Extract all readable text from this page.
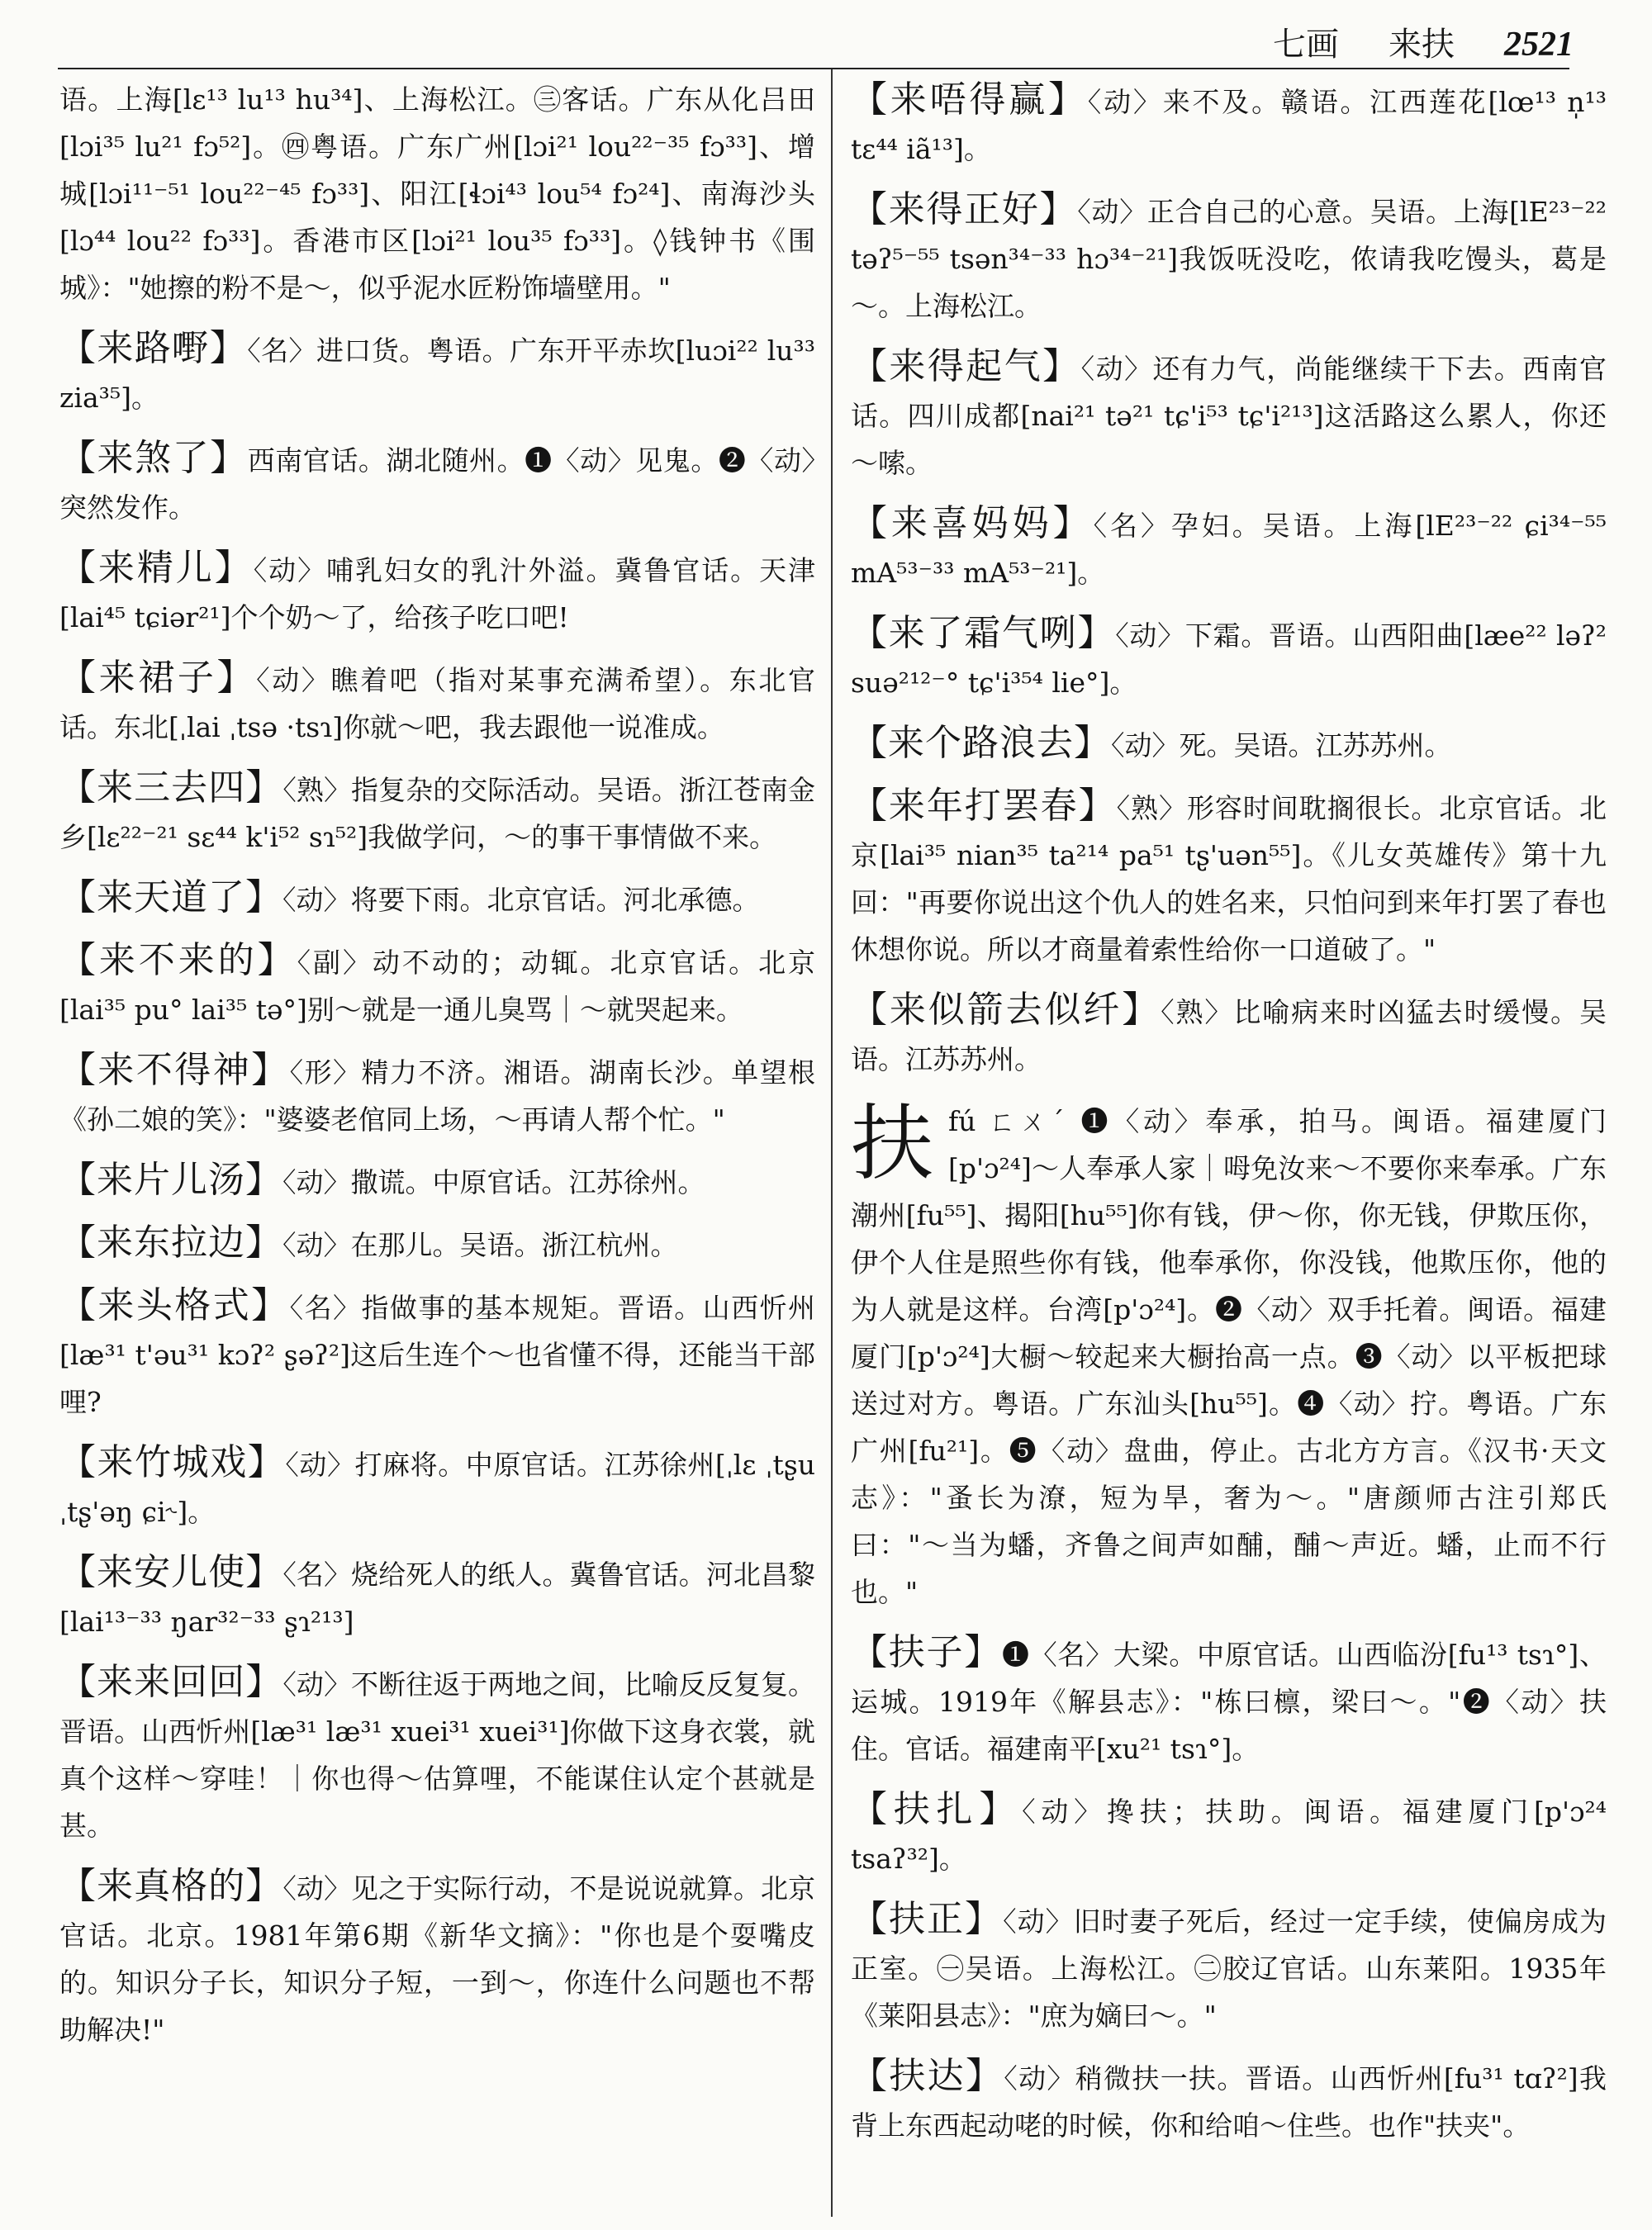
七画 来扶 2521

语。上海[lɛ¹³ lu¹³ hu³⁴]、上海松江。㊂客话。广东从化吕田[lɔi³⁵ lu²¹ fɔ⁵²]。㊃粤语。广东广州[lɔi²¹ lou²²⁻³⁵ fɔ³³]、增城[lɔi¹¹⁻⁵¹ lou²²⁻⁴⁵ fɔ³³]、阳江[ɬɔi⁴³ lou⁵⁴ fɔ²⁴]、南海沙头[lɔ⁴⁴ lou²² fɔ³³]。香港市区[lɔi²¹ lou³⁵ fɔ³³]。◊钱钟书《围城》："她擦的粉不是～，似乎泥水匠粉饰墙壁用。"

【来路嘢】〈名〉进口货。粤语。广东开平赤坎[luɔi²² lu³³ zia³⁵]。

【来煞了】西南官话。湖北随州。❶〈动〉见鬼。❷〈动〉突然发作。

【来精儿】〈动〉哺乳妇女的乳汁外溢。冀鲁官话。天津[lai⁴⁵ tɕiər²¹]个个奶～了，给孩子吃口吧!

【来裙子】〈动〉瞧着吧（指对某事充满希望）。东北官话。东北[ˌlai ˌtsə ·tsɿ]你就～吧，我去跟他一说准成。

【来三去四】〈熟〉指复杂的交际活动。吴语。浙江苍南金乡[lɛ²²⁻²¹ sɛ⁴⁴ k'i⁵² sɿ⁵²]我做学问，～的事干事情做不来。

【来天道了】〈动〉将要下雨。北京官话。河北承德。

【来不来的】〈副〉动不动的；动辄。北京官话。北京[lai³⁵ pu° lai³⁵ tə°]别～就是一通儿臭骂｜～就哭起来。

【来不得神】〈形〉精力不济。湘语。湖南长沙。单望根《孙二娘的笑》："婆婆老倌同上场，～再请人帮个忙。"

【来片儿汤】〈动〉撒谎。中原官话。江苏徐州。

【来东拉边】〈动〉在那儿。吴语。浙江杭州。

【来头格式】〈名〉指做事的基本规矩。晋语。山西忻州[læ³¹ t'əu³¹ kɔʔ² ʂəʔ²]这后生连个～也省懂不得，还能当干部哩?

【来竹城戏】〈动〉打麻将。中原官话。江苏徐州[ˌlɛ ˌtʂu ˌtʂ'əŋ ɕi˞]。

【来安儿使】〈名〉烧给死人的纸人。冀鲁官话。河北昌黎[lai¹³⁻³³ ŋar³²⁻³³ ʂɿ²¹³]

【来来回回】〈动〉不断往返于两地之间，比喻反反复复。晋语。山西忻州[læ³¹ læ³¹ xuei³¹ xuei³¹]你做下这身衣裳，就真个这样～穿哇！｜你也得～估算哩，不能谋住认定个甚就是甚。

【来真格的】〈动〉见之于实际行动，不是说说就算。北京官话。北京。1981年第6期《新华文摘》："你也是个耍嘴皮的。知识分子长，知识分子短，一到～，你连什么问题也不帮助解决!"

【来唔得赢】〈动〉来不及。赣语。江西莲花[lœ¹³ n̩¹³ tɛ⁴⁴ iã¹³]。

【来得正好】〈动〉正合自己的心意。吴语。上海[lE²³⁻²² təʔ⁵⁻⁵⁵ tsən³⁴⁻³³ hɔ³⁴⁻²¹]我饭呒没吃，侬请我吃馒头，葛是～。上海松江。

【来得起气】〈动〉还有力气，尚能继续干下去。西南官话。四川成都[nai²¹ tə²¹ tɕ'i⁵³ tɕ'i²¹³]这活路这么累人，你还～嗦。

【来喜妈妈】〈名〉孕妇。吴语。上海[lE²³⁻²² ɕi³⁴⁻⁵⁵ mA⁵³⁻³³ mA⁵³⁻²¹]。

【来了霜气咧】〈动〉下霜。晋语。山西阳曲[læe²² ləʔ² suə²¹²⁻° tɕ'i³⁵⁴ lie°]。

【来个路浪去】〈动〉死。吴语。江苏苏州。

【来年打罢春】〈熟〉形容时间耽搁很长。北京官话。北京[lai³⁵ nian³⁵ ta²¹⁴ pa⁵¹ tʂ'uən⁵⁵]。《儿女英雄传》第十九回："再要你说出这个仇人的姓名来，只怕问到来年打罢了春也休想你说。所以才商量着索性给你一口道破了。"

【来似箭去似纤】〈熟〉比喻病来时凶猛去时缓慢。吴语。江苏苏州。

扶 fú ㄈㄨˊ ❶〈动〉奉承，拍马。闽语。福建厦门[p'ɔ²⁴]～人奉承人家｜呣免汝来～不要你来奉承。广东潮州[fu⁵⁵]、揭阳[hu⁵⁵]你有钱，伊～你，你无钱，伊欺压你，伊个人住是照些你有钱，他奉承你，你没钱，他欺压你，他的为人就是这样。台湾[p'ɔ²⁴]。❷〈动〉双手托着。闽语。福建厦门[p'ɔ²⁴]大橱～较起来大橱抬高一点。❸〈动〉以平板把球送过对方。粤语。广东汕头[hu⁵⁵]。❹〈动〉拧。粤语。广东广州[fu²¹]。❺〈动〉盘曲，停止。古北方方言。《汉书·天文志》："蚤长为潦，短为旱，奢为～。"唐颜师古注引郑氏曰："～当为蟠，齐鲁之间声如酺，酺～声近。蟠，止而不行也。"

【扶子】❶〈名〉大梁。中原官话。山西临汾[fu¹³ tsɿ°]、运城。1919年《解县志》："栋曰檩，梁曰～。"❷〈动〉扶住。官话。福建南平[xu²¹ tsɿ°]。

【扶扎】〈动〉搀扶；扶助。闽语。福建厦门[p'ɔ²⁴ tsaʔ³²]。

【扶正】〈动〉旧时妻子死后，经过一定手续，使偏房成为正室。㊀吴语。上海松江。㊁胶辽官话。山东莱阳。1935年《莱阳县志》："庶为嫡曰～。"

【扶达】〈动〉稍微扶一扶。晋语。山西忻州[fu³¹ tɑʔ²]我背上东西起动咾的时候，你和给咱～住些。也作"扶夹"。
